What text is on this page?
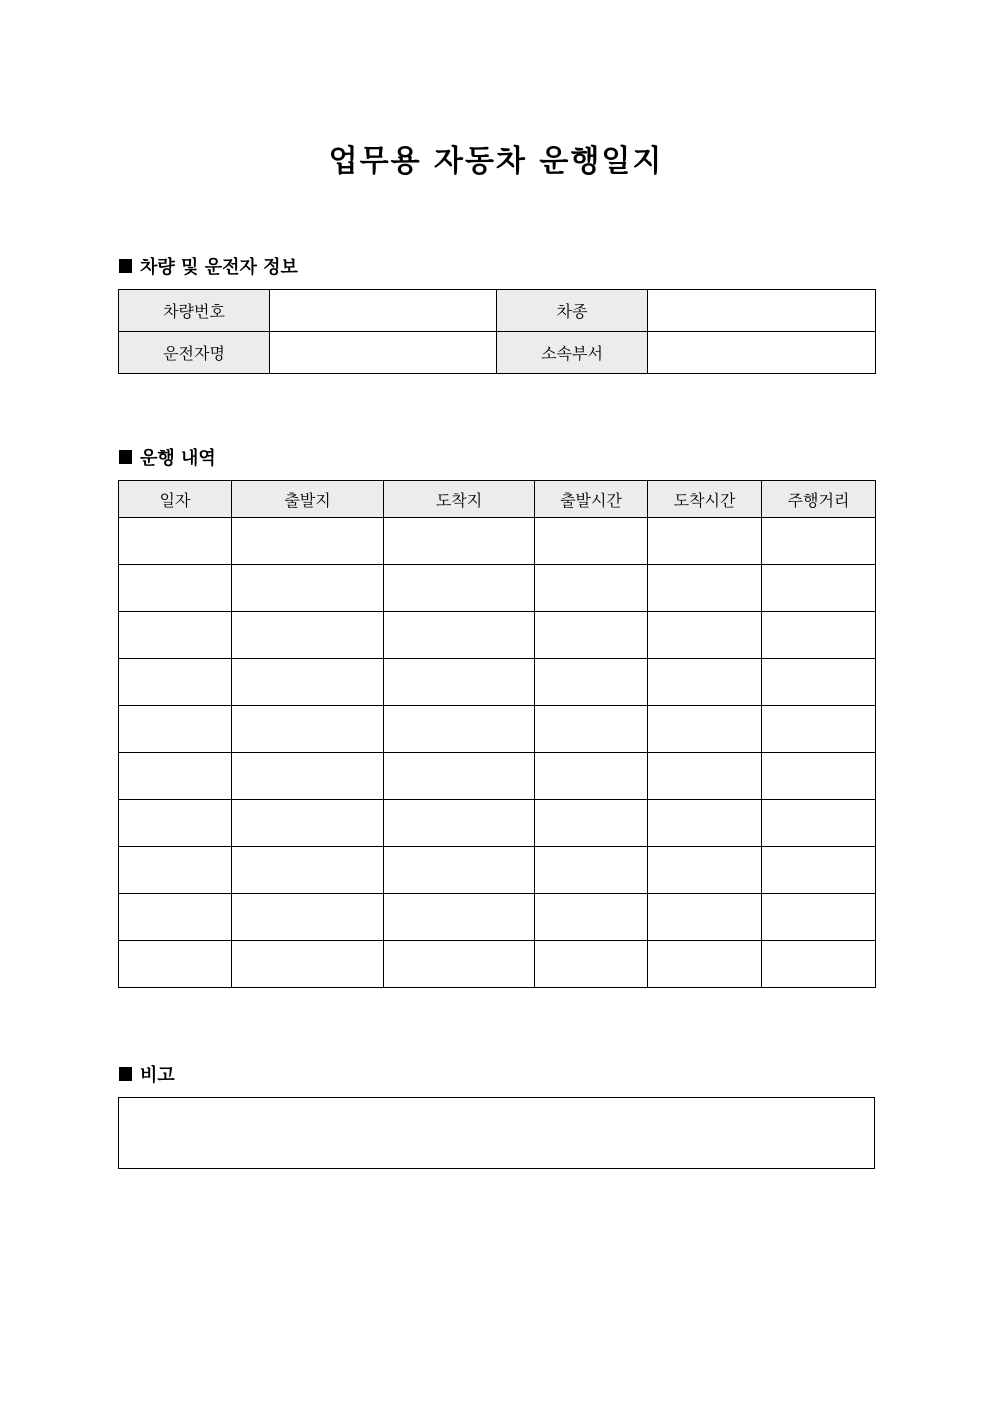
업무용 자동차 운행일지
차량 및 운전자 정보
차량번호		차종	
운전자명		소속부서	
운행 내역
일자	출발지	도착지	출발시간	도착시간	주행거리

비고
